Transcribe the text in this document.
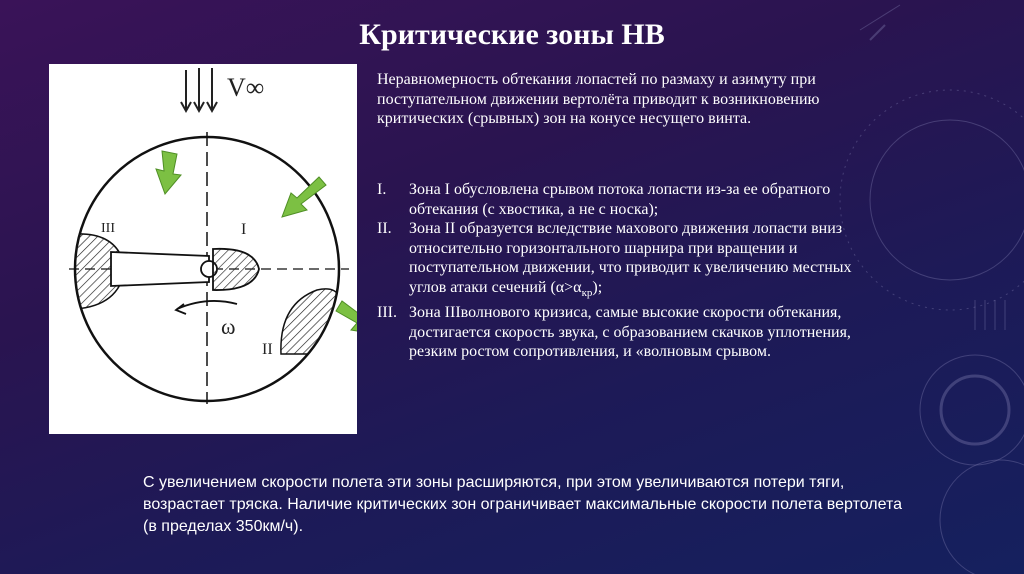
Критические зоны НВ
V∞
I
II
III
ω
Неравномерность обтекания лопастей по размаху и азимуту при поступательном движении вертолёта приводит к возникновению критических (срывных) зон на конусе несущего винта.
I. Зона I обусловлена срывом потока лопасти из-за ее обратного обтекания (с хвостика, а не с носка);
II. Зона II образуется вследствие махового движения лопасти вниз относительно горизонтального шарнира при вращении и поступательном движении, что приводит к увеличению местных углов атаки сечений $(\alpha>\alpha_{кр})$;
III. Зона IIIволнового кризиса, самые высокие скорости обтекания, достигается скорость звука, с образованием скачков уплотнения, резким ростом сопротивления, и «волновым срывом.
С увеличением скорости полета эти зоны расширяются, при этом увеличиваются потери тяги, возрастает тряска. Наличие критических зон ограничивает максимальные скорости полета вертолета (в пределах 350км/ч).
